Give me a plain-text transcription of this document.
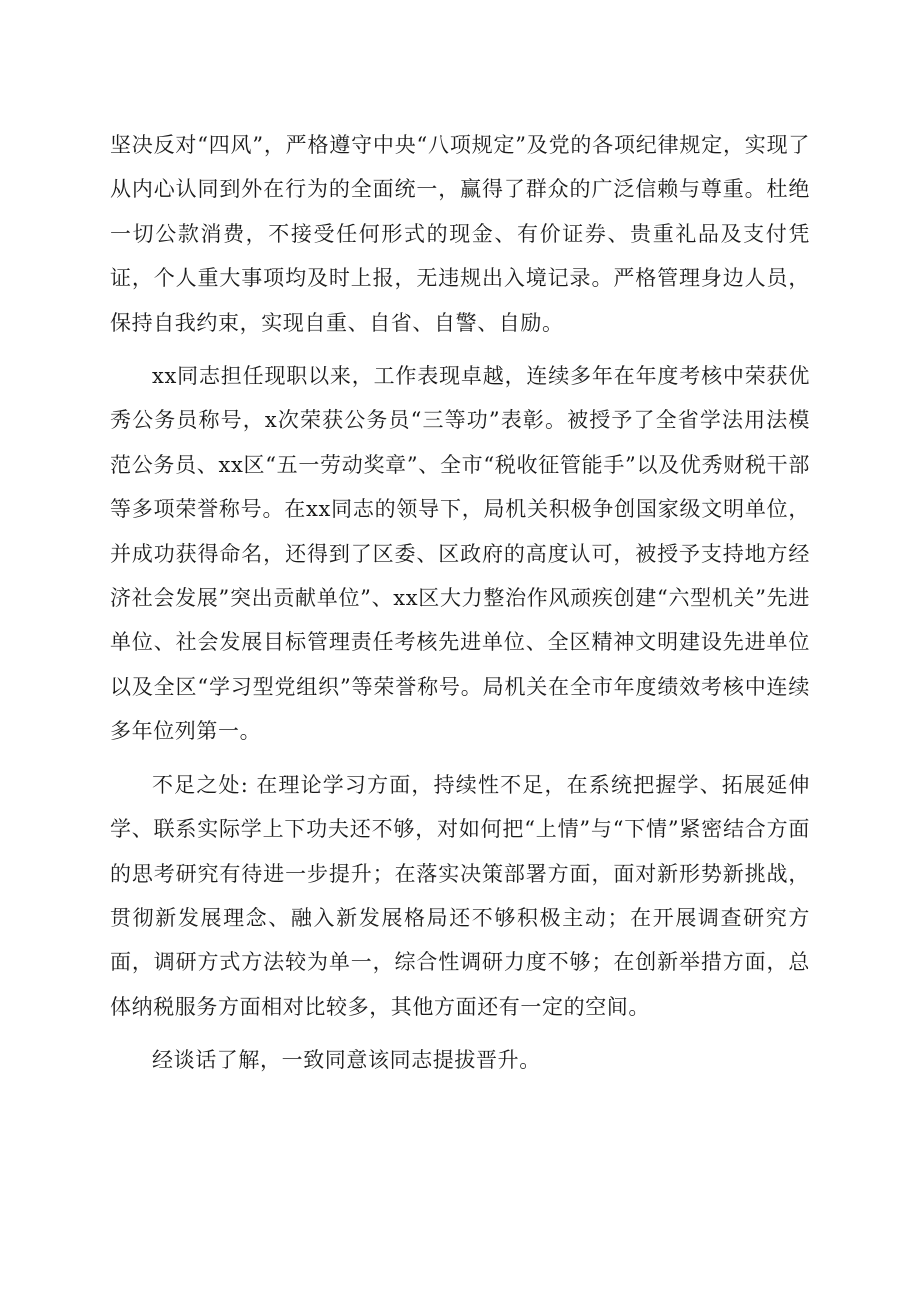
坚决反对“四风”，严格遵守中央“八项规定”及党的各项纪律规定，实现了从内心认同到外在行为的全面统一，赢得了群众的广泛信赖与尊重。杜绝一切公款消费，不接受任何形式的现金、有价证券、贵重礼品及支付凭证，个人重大事项均及时上报，无违规出入境记录。严格管理身边人员，保持自我约束，实现自重、自省、自警、自励。

xx同志担任现职以来，工作表现卓越，连续多年在年度考核中荣获优秀公务员称号，x次荣获公务员“三等功”表彰。被授予了全省学法用法模范公务员、xx区“五一劳动奖章”、全市“税收征管能手”以及优秀财税干部等多项荣誉称号。在xx同志的领导下，局机关积极争创国家级文明单位，并成功获得命名，还得到了区委、区政府的高度认可，被授予支持地方经济社会发展”突出贡献单位”、xx区大力整治作风顽疾创建“六型机关”先进单位、社会发展目标管理责任考核先进单位、全区精神文明建设先进单位以及全区“学习型党组织”等荣誉称号。局机关在全市年度绩效考核中连续多年位列第一。

不足之处: 在理论学习方面，持续性不足，在系统把握学、拓展延伸学、联系实际学上下功夫还不够，对如何把“上情”与“下情”紧密结合方面的思考研究有待进一步提升；在落实决策部署方面，面对新形势新挑战，贯彻新发展理念、融入新发展格局还不够积极主动；在开展调查研究方面，调研方式方法较为单一，综合性调研力度不够；在创新举措方面，总体纳税服务方面相对比较多，其他方面还有一定的空间。

经谈话了解，一致同意该同志提拔晋升。
